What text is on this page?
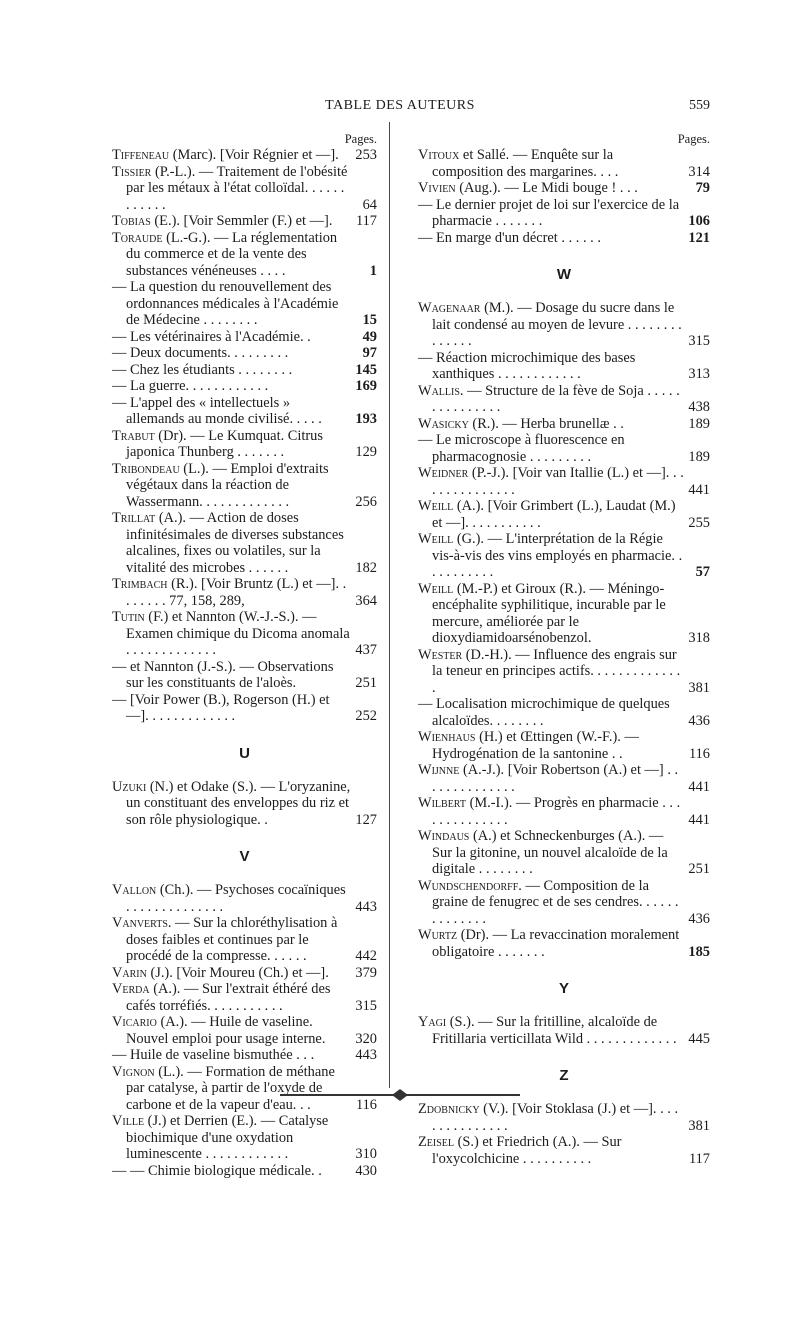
TABLE DES AUTEURS	559
Pages.
Tiffeneau (Marc). [Voir Régnier et —]. 253
Tissier (P.-L.). — Traitement de l'obésité par les métaux à l'état colloïdal. . . . . . . . . . . .	64
Tobias (E.). [Voir Semmler (F.) et —]. 117
Toraude (L.-G.). — La réglementation du commerce et de la vente des substances vénéneuses . . . .	1
— La question du renouvellement des ordonnances médicales à l'Académie de Médecine . . . . . . . .	15
— Les vétérinaires à l'Académie. .	49
— Deux documents. . . . . . . . .	97
— Chez les étudiants . . . . . . . .	145
— La guerre. . . . . . . . . . . .	169
— L'appel des « intellectuels » allemands au monde civilisé. . . . . 193
Trabut (Dr). — Le Kumquat. Citrus japonica Thunberg . . . . . . .	129
Tribondeau (L.). — Emploi d'extraits végétaux dans la réaction de Wassermann. . . . . . . . . . . . .	256
Trillat (A.). — Action de doses infinitésimales de diverses substances alcalines, fixes ou volatiles, sur la vitalité des microbes . . . . . .	182
Trimbach (R.). [Voir Bruntz (L.) et —]. . . . . . . . 77, 158, 289,	364
Tutin (F.) et Nannton (W.-J.-S.). — Examen chimique du Dicoma anomala . . . . . . . . . . . . .	437
— et Nannton (J.-S.). — Observations sur les constituants de l'aloès.	251
— [Voir Power (B.), Rogerson (H.) et —]. . . . . . . . . . . . .	252
U
Uzuki (N.) et Odake (S.). — L'oryzanine, un constituant des enveloppes du riz et son rôle physiologique. .	127
V
Vallon (Ch.). — Psychoses cocaïniques . . . . . . . . . . . . . .	443
Vanverts. — Sur la chloréthylisation à doses faibles et continues par le procédé de la compresse. . . . . .	442
Varin (J.). [Voir Moureu (Ch.) et —]. 379
Verda (A.). — Sur l'extrait éthéré des cafés torréfiés. . . . . . . . . . .	315
Vicario (A.). — Huile de vaseline. Nouvel emploi pour usage interne. 320
— Huile de vaseline bismuthée . . .	443
Vignon (L.). — Formation de méthane par catalyse, à partir de l'oxyde de carbone et de la vapeur d'eau. . .	116
Ville (J.) et Derrien (E.). — Catalyse biochimique d'une oxydation luminescente . . . . . . . . . . . .	310
— — Chimie biologique médicale. . 430
Pages.
Vitoux et Sallé. — Enquête sur la composition des margarines. . . .	314
Vivien (Aug.). — Le Midi bouge ! . . .	79
— Le dernier projet de loi sur l'exercice de la pharmacie . . . . . . .	106
— En marge d'un décret . . . . . .	121
W
Wagenaar (M.). — Dosage du sucre dans le lait condensé au moyen de levure . . . . . . . . . . . . . .	315
— Réaction microchimique des bases xanthiques . . . . . . . . . . . .	313
Wallis. — Structure de la fève de Soja . . . . . . . . . . . . . . .	438
Wasicky (R.). — Herba brunellæ . .	189
— Le microscope à fluorescence en pharmacognosie . . . . . . . . .	189
Weidner (P.-J.). [Voir van Itallie (L.) et —]. . . . . . . . . . . . . . .	441
Weill (A.). [Voir Grimbert (L.), Laudat (M.) et —]. . . . . . . . . . .	255
Weill (G.). — L'interprétation de la Régie vis-à-vis des vins employés en pharmacie. . . . . . . . . . .	57
Weill (M.-P.) et Giroux (R.). — Méningo-encéphalite syphilitique, incurable par le mercure, améliorée par le dioxydiamidoarsénobenzol.	318
Wester (D.-H.). — Influence des engrais sur la teneur en principes actifs. . . . . . . . . . . . . .	381
— Localisation microchimique de quelques alcaloïdes. . . . . . . .	436
Wienhaus (H.) et Œttingen (W.-F.). — Hydrogénation de la santonine . .	116
Wijnne (A.-J.). [Voir Robertson (A.) et —] . . . . . . . . . . . . . .	441
Wilbert (M.-I.). — Progrès en pharmacie . . . . . . . . . . . . . .	441
Windaus (A.) et Schneckenburges (A.). — Sur la gitonine, un nouvel alcaloïde de la digitale . . . . . . . .	251
Wundschendorff. — Composition de la graine de fenugrec et de ses cendres. . . . . . . . . . . . . .	436
Wurtz (Dr). — La revaccination moralement obligatoire . . . . . . .	185
Y
Yagi (S.). — Sur la fritilline, alcaloïde de Fritillaria verticillata Wild . . . . . . . . . . . . . 445
Z
Zdobnicky (V.). [Voir Stoklasa (J.) et —]. . . . . . . . . . . . . . .	381
Zeisel (S.) et Friedrich (A.). — Sur l'oxycolchicine . . . . . . . . . .	117
